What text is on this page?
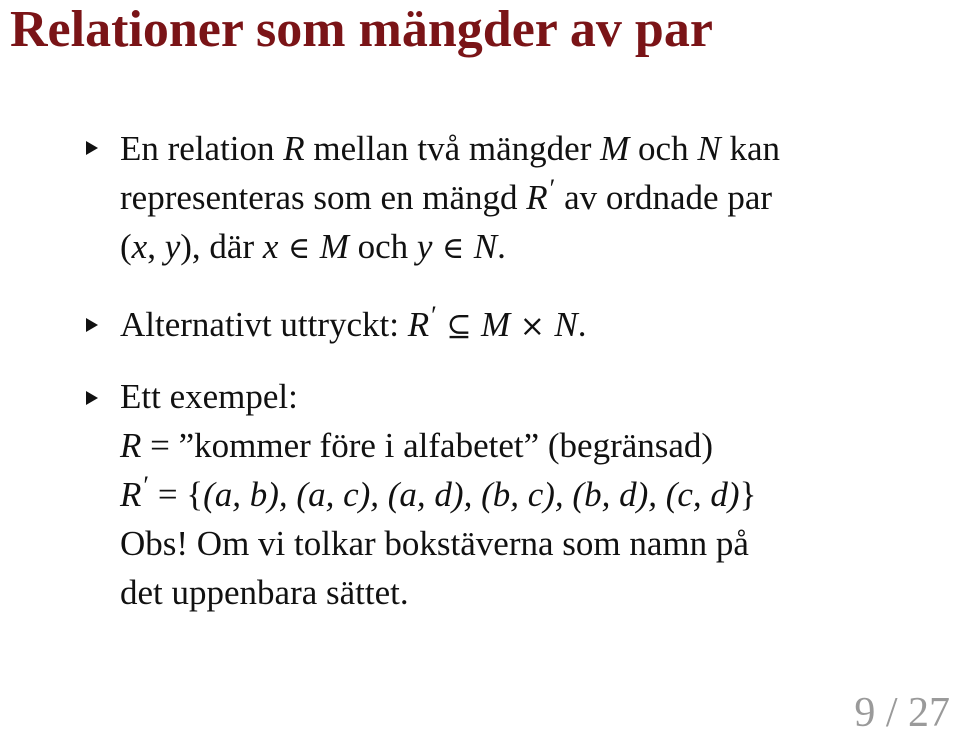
Relationer som mängder av par
En relation R mellan två mängder M och N kan
representeras som en mängd R′ av ordnade par
(x, y), där x ∈ M och y ∈ N.
Alternativt uttryckt: R′ ⊆ M × N.
Ett exempel:
R = ”kommer före i alfabetet” (begränsad)
R′ = {(a, b), (a, c), (a, d), (b, c), (b, d), (c, d)}
Obs! Om vi tolkar bokstäverna som namn på
det uppenbara sättet.
9 / 27
